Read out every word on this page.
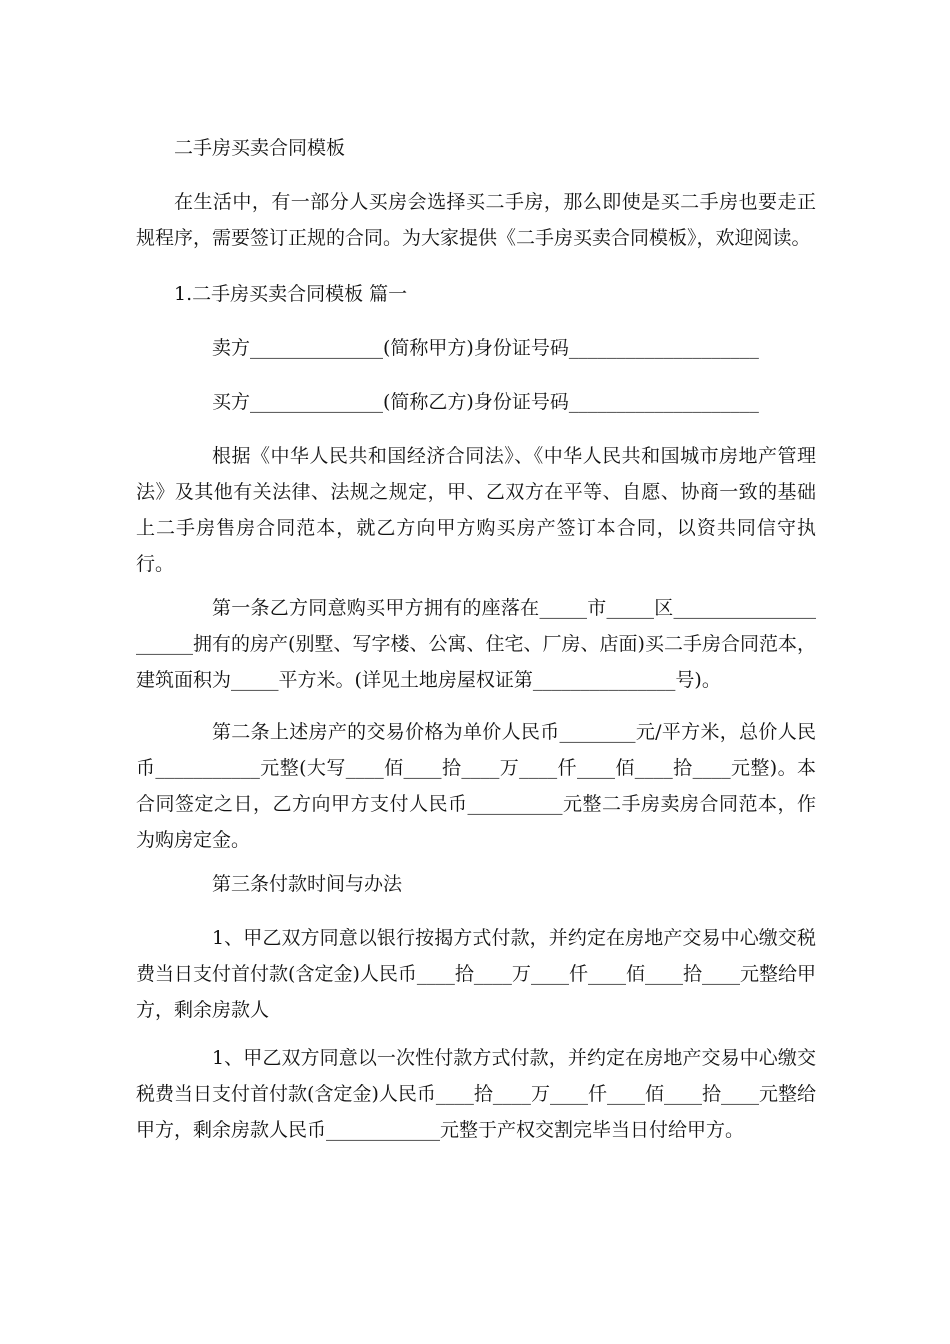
二手房买卖合同模板

在生活中，有一部分人买房会选择买二手房，那么即使是买二手房也要走正规程序，需要签订正规的合同。为大家提供《二手房买卖合同模板》，欢迎阅读。

1.二手房买卖合同模板 篇一

卖方______________(简称甲方)身份证号码____________________

买方______________(简称乙方)身份证号码____________________

根据《中华人民共和国经济合同法》、《中华人民共和国城市房地产管理法》及其他有关法律、法规之规定，甲、乙双方在平等、自愿、协商一致的基础上二手房售房合同范本，就乙方向甲方购买房产签订本合同，以资共同信守执行。

第一条乙方同意购买甲方拥有的座落在_____市_____区_____________________拥有的房产(别墅、写字楼、公寓、住宅、厂房、店面)买二手房合同范本，建筑面积为_____平方米。(详见土地房屋权证第_______________号)。

第二条上述房产的交易价格为单价人民币________元/平方米，总价人民币___________元整(大写____佰____拾____万____仟____佰____拾____元整)。本合同签定之日，乙方向甲方支付人民币__________元整二手房卖房合同范本，作为购房定金。

第三条付款时间与办法

1、甲乙双方同意以银行按揭方式付款，并约定在房地产交易中心缴交税费当日支付首付款(含定金)人民币____拾____万____仟____佰____拾____元整给甲方，剩余房款人

1、甲乙双方同意以一次性付款方式付款，并约定在房地产交易中心缴交税费当日支付首付款(含定金)人民币____拾____万____仟____佰____拾____元整给甲方，剩余房款人民币____________元整于产权交割完毕当日付给甲方。
